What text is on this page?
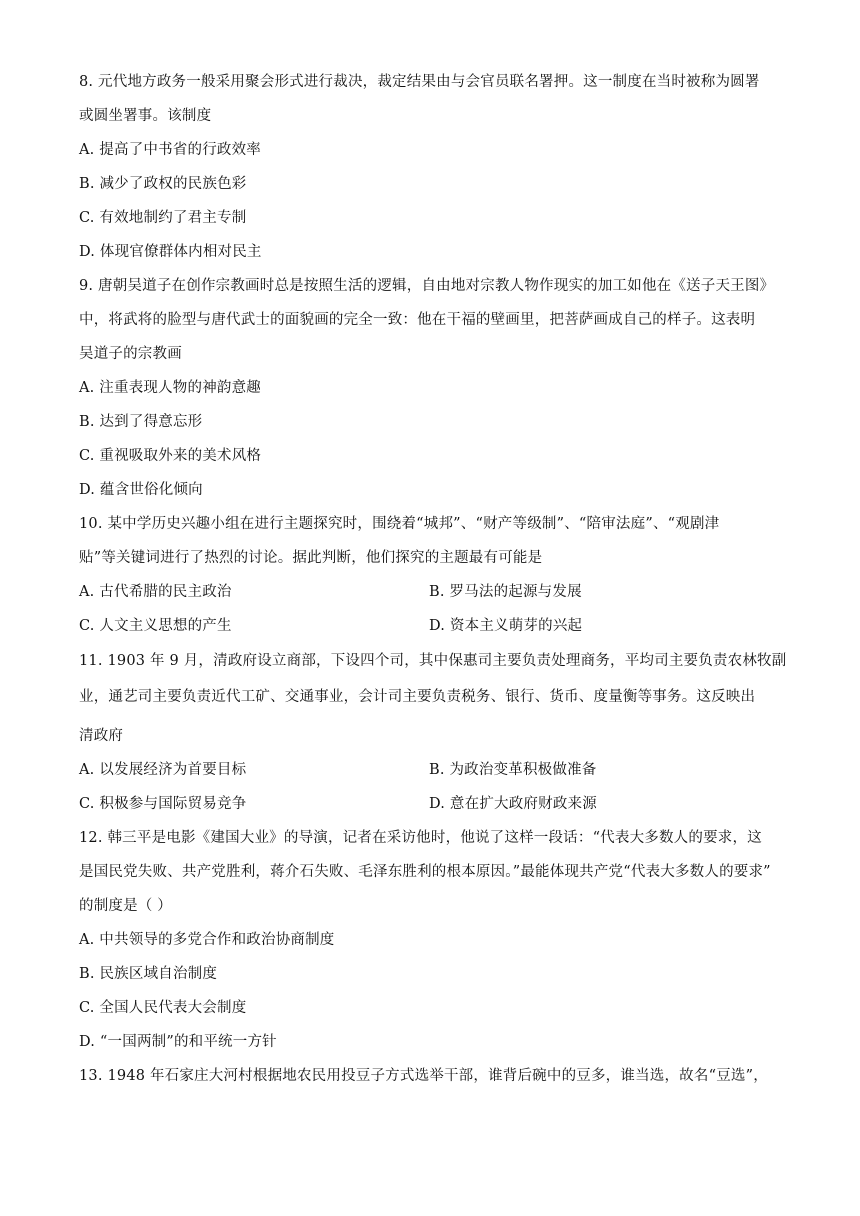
8. 元代地方政务一般采用聚会形式进行裁决，裁定结果由与会官员联名署押。这一制度在当时被称为圆署
或圆坐署事。该制度
A. 提高了中书省的行政效率
B. 减少了政权的民族色彩
C. 有效地制约了君主专制
D. 体现官僚群体内相对民主
9. 唐朝吴道子在创作宗教画时总是按照生活的逻辑，自由地对宗教人物作现实的加工如他在《送子天王图》
中，将武将的脸型与唐代武士的面貌画的完全一致：他在干福的壁画里，把菩萨画成自己的样子。这表明
吴道子的宗教画
A. 注重表现人物的神韵意趣
B. 达到了得意忘形
C. 重视吸取外来的美术风格
D. 蕴含世俗化倾向
10. 某中学历史兴趣小组在进行主题探究时，围绕着“城邦”、“财产等级制”、“陪审法庭”、“观剧津
贴”等关键词进行了热烈的讨论。据此判断，他们探究的主题最有可能是
A. 古代希腊的民主政治	B. 罗马法的起源与发展
C. 人文主义思想的产生	D. 资本主义萌芽的兴起
11. 1903 年 9 月，清政府设立商部，下设四个司，其中保惠司主要负责处理商务，平均司主要负责农林牧副
业，通艺司主要负责近代工矿、交通事业，会计司主要负责税务、银行、货币、度量衡等事务。这反映出
清政府
A. 以发展经济为首要目标	B. 为政治变革积极做准备
C. 积极参与国际贸易竞争	D. 意在扩大政府财政来源
12. 韩三平是电影《建国大业》的导演，记者在采访他时，他说了这样一段话：“代表大多数人的要求，这
是国民党失败、共产党胜利，蒋介石失败、毛泽东胜利的根本原因。”最能体现共产党“代表大多数人的要求”
的制度是（ ）
A. 中共领导的多党合作和政治协商制度
B. 民族区域自治制度
C. 全国人民代表大会制度
D. “一国两制”的和平统一方针
13. 1948 年石家庄大河村根据地农民用投豆子方式选举干部，谁背后碗中的豆多，谁当选，故名“豆选”，
